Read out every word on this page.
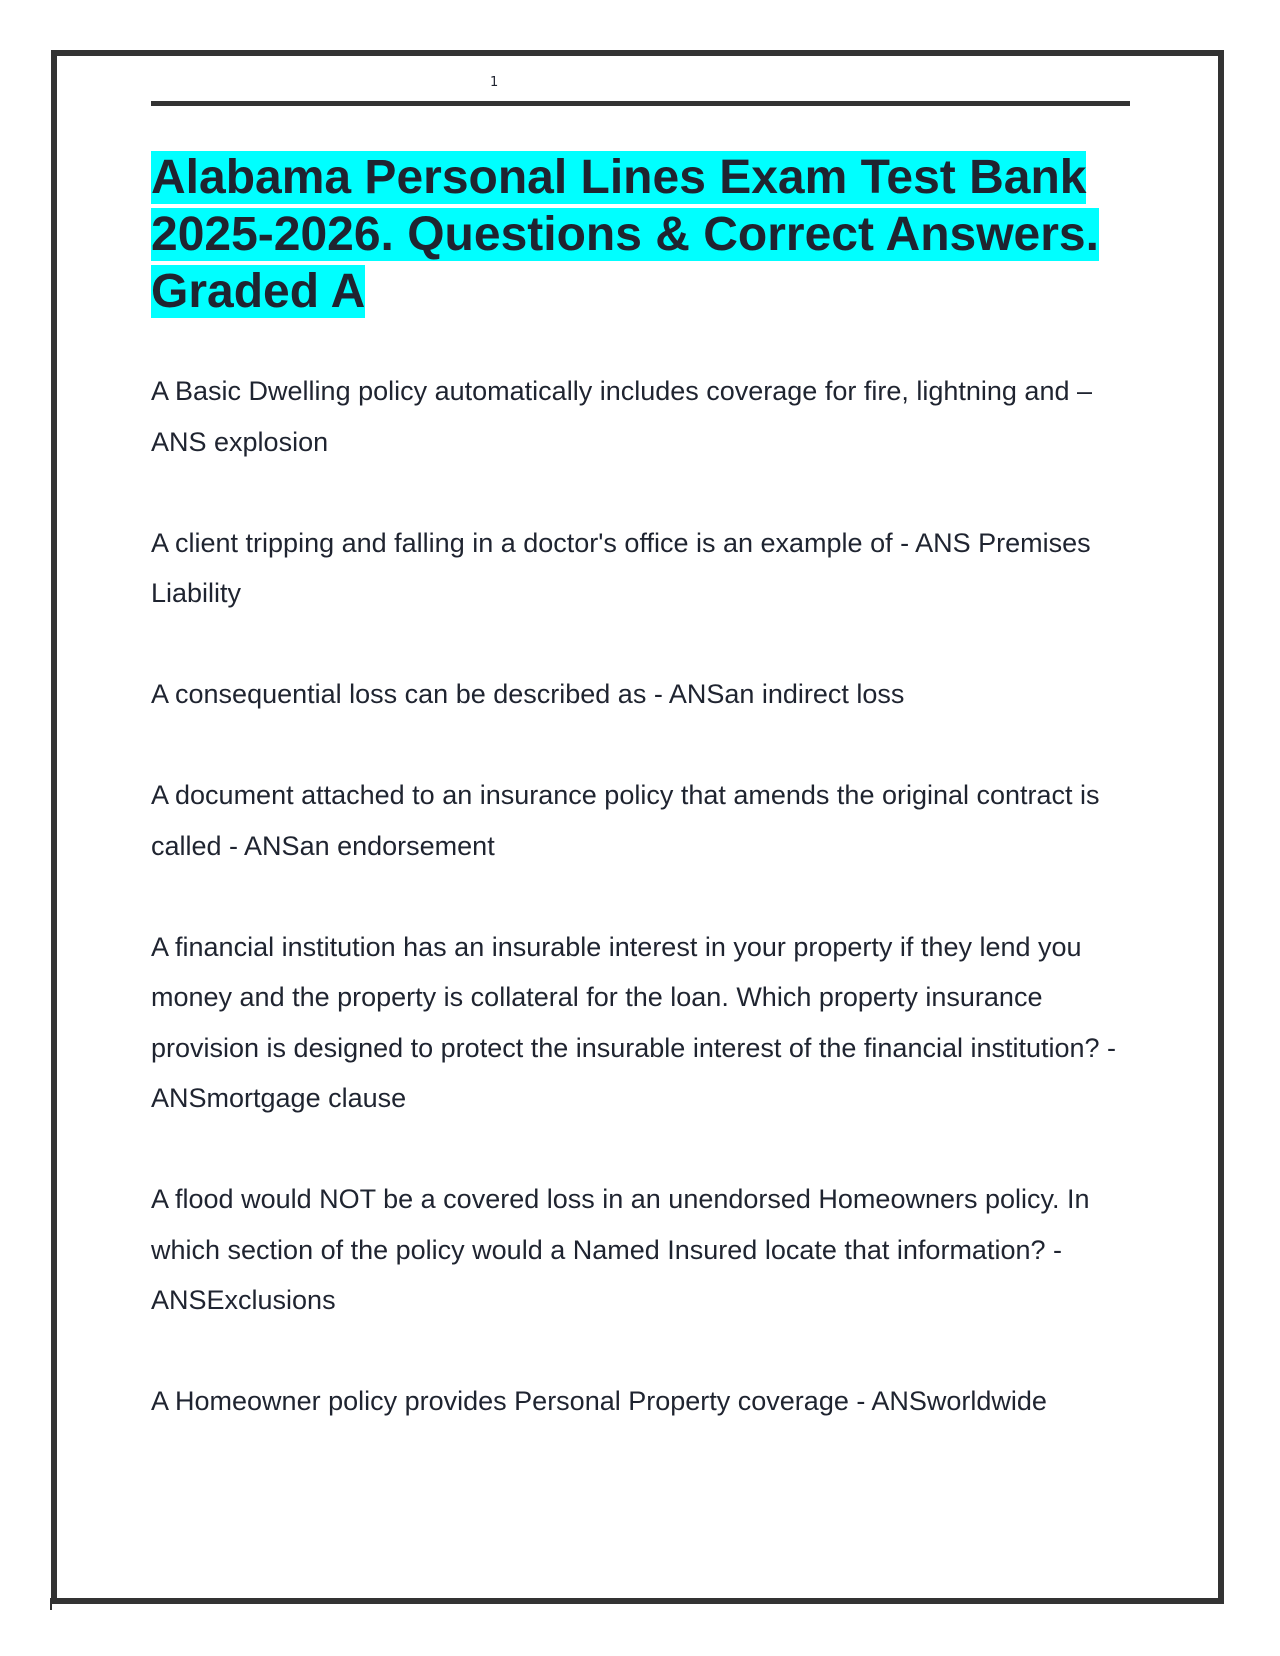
1
Alabama Personal Lines Exam Test Bank 2025-2026. Questions & Correct Answers. Graded A
A Basic Dwelling policy automatically includes coverage for fire, lightning and – ANS explosion
A client tripping and falling in a doctor's office is an example of - ANS Premises Liability
A consequential loss can be described as - ANSan indirect loss
A document attached to an insurance policy that amends the original contract is called - ANSan endorsement
A financial institution has an insurable interest in your property if they lend you money and the property is collateral for the loan. Which property insurance provision is designed to protect the insurable interest of the financial institution? - ANSmortgage clause
A flood would NOT be a covered loss in an unendorsed Homeowners policy. In which section of the policy would a Named Insured locate that information? - ANSExclusions
A Homeowner policy provides Personal Property coverage - ANSworldwide
